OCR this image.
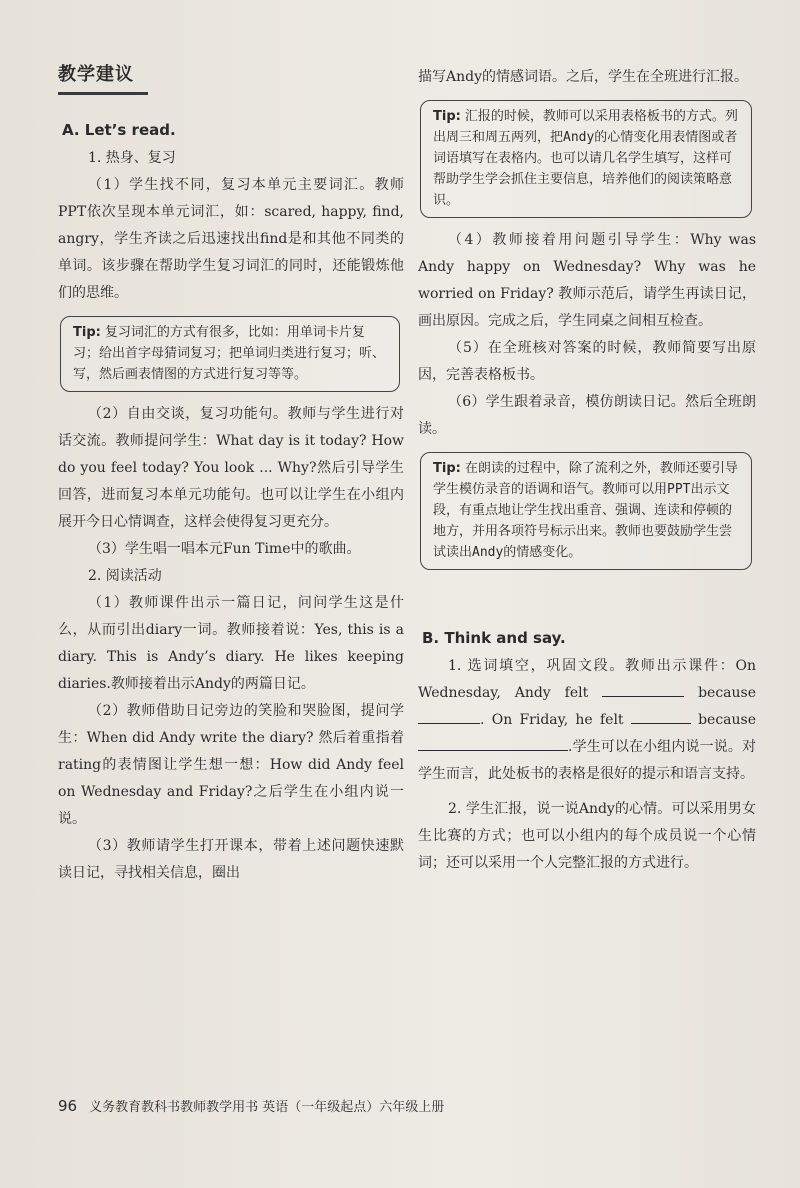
教学建议
A. Let’s read.

1. 热身、复习

（1）学生找不同，复习本单元主要词汇。教师PPT依次呈现本单元词汇，如：scared, happy, find, angry，学生齐读之后迅速找出find是和其他不同类的单词。该步骤在帮助学生复习词汇的同时，还能锻炼他们的思维。

Tip: 复习词汇的方式有很多，比如：用单词卡片复习；给出首字母猜词复习；把单词归类进行复习；听、写，然后画表情图的方式进行复习等等。

（2）自由交谈，复习功能句。教师与学生进行对话交流。教师提问学生：What day is it today? How do you feel today? You look ... Why?然后引导学生回答，进而复习本单元功能句。也可以让学生在小组内展开今日心情调查，这样会使得复习更充分。

（3）学生唱一唱本元Fun Time中的歌曲。

2. 阅读活动

（1）教师课件出示一篇日记，问问学生这是什么，从而引出diary一词。教师接着说：Yes, this is a diary. This is Andy’s diary. He likes keeping diaries.教师接着出示Andy的两篇日记。

（2）教师借助日记旁边的笑脸和哭脸图，提问学生：When did Andy write the diary? 然后着重指着rating的表情图让学生想一想：How did Andy feel on Wednesday and Friday?之后学生在小组内说一说。

（3）教师请学生打开课本，带着上述问题快速默读日记，寻找相关信息，圈出

描写Andy的情感词语。之后，学生在全班进行汇报。

Tip: 汇报的时候，教师可以采用表格板书的方式。列出周三和周五两列，把Andy的心情变化用表情图或者词语填写在表格内。也可以请几名学生填写，这样可帮助学生学会抓住主要信息，培养他们的阅读策略意识。

（4）教师接着用问题引导学生：Why was Andy happy on Wednesday? Why was he worried on Friday? 教师示范后，请学生再读日记，画出原因。完成之后，学生同桌之间相互检查。

（5）在全班核对答案的时候，教师简要写出原因，完善表格板书。

（6）学生跟着录音，模仿朗读日记。然后全班朗读。

Tip: 在朗读的过程中，除了流利之外，教师还要引导学生模仿录音的语调和语气。教师可以用PPT出示文段，有重点地让学生找出重音、强调、连读和停顿的地方，并用各项符号标示出来。教师也要鼓励学生尝试读出Andy的情感变化。
B. Think and say.

1. 选词填空，巩固文段。教师出示课件：On Wednesday, Andy felt	because . On Friday, he felt	because .学生可以在小组内说一说。对学生而言，此处板书的表格是很好的提示和语言支持。

2. 学生汇报，说一说Andy的心情。可以采用男女生比赛的方式；也可以小组内的每个成员说一个心情词；还可以采用一个人完整汇报的方式进行。

96 义务教育教科书教师教学用书 英语（一年级起点）六年级上册
